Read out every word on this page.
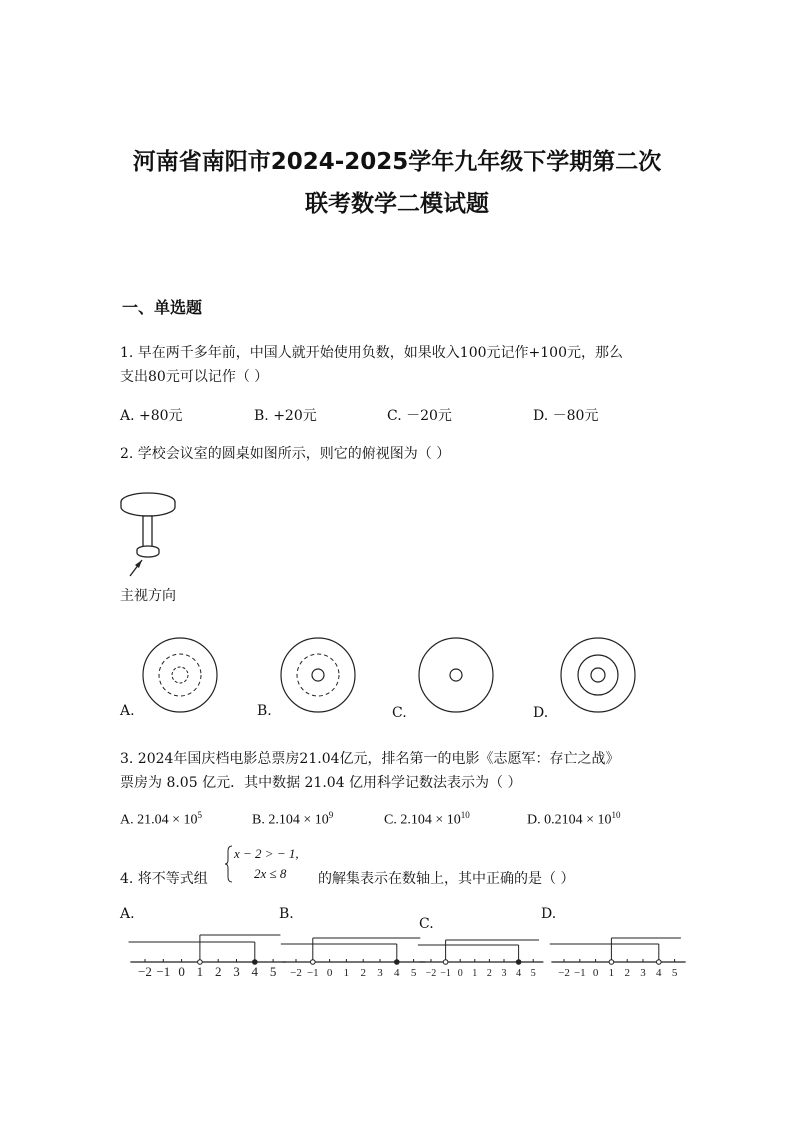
河南省南阳市2024-2025学年九年级下学期第二次
联考数学二模试题
一、单选题
1. 早在两千多年前，中国人就开始使用负数，如果收入100元记作+100元，那么
支出80元可以记作（ ）
A. +80元	B. +20元	C. －20元	D. －80元
2. 学校会议室的圆桌如图所示，则它的俯视图为（ ）
主视方向
A.	B.	C.	D.
3. 2024年国庆档电影总票房21.04亿元，排名第一的电影《志愿军：存亡之战》
票房为 8.05 亿元．其中数据 21.04 亿用科学记数法表示为（ ）
A. $21.04 \times 10^5$	B. $2.104 \times 10^9$	C. $2.104 \times 10^{10}$	D. $0.2104 \times 10^{10}$
4. 将不等式组
x − 2 > − 1,
2x ≤ 8 的解集表示在数轴上，其中正确的是（ ）
A.	B.
C.
D.
−2 −1 0 1 2 3 4 5 −2 −1 0 1 2 3 4 5 −2 −1 0 1 2 3 4 5 −2 −1 0 1 2 3 4 5
